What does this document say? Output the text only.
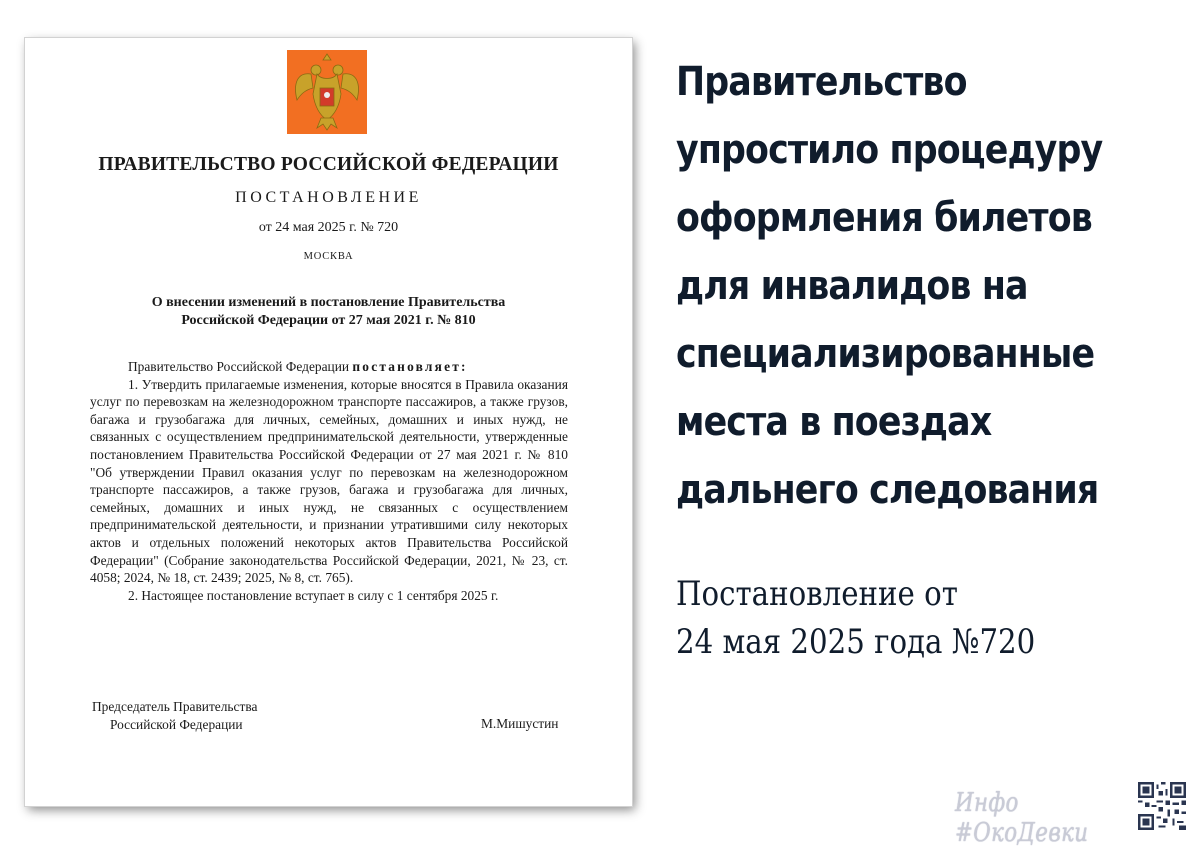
ПРАВИТЕЛЬСТВО РОССИЙСКОЙ ФЕДЕРАЦИИ
ПОСТАНОВЛЕНИЕ
от 24 мая 2025 г. № 720
МОСКВА
О внесении изменений в постановление Правительства
Российской Федерации от 27 мая 2021 г. № 810

Правительство Российской Федерации постановляет:

1. Утвердить прилагаемые изменения, которые вносятся в Правила оказания услуг по перевозкам на железнодорожном транспорте пассажиров, а также грузов, багажа и грузобагажа для личных, семейных, домашних и иных нужд, не связанных с осуществлением предпринимательской деятельности, утвержденные постановлением Правительства Российской Федерации от 27 мая 2021 г. № 810 "Об утверждении Правил оказания услуг по перевозкам на железнодорожном транспорте пассажиров, а также грузов, багажа и грузобагажа для личных, семейных, домашних и иных нужд, не связанных с осуществлением предпринимательской деятельности, и признании утратившими силу некоторых актов и отдельных положений некоторых актов Правительства Российской Федерации" (Собрание законодательства Российской Федерации, 2021, № 23, ст. 4058; 2024, № 18, ст. 2439; 2025, № 8, ст. 765).

2. Настоящее постановление вступает в силу с 1 сентября 2025 г.

Председатель Правительства
Российской Федерации	М.Мишустин
Правительство
упростило процедуру
оформления билетов
для инвалидов на
специализированные
места в поездах
дальнего следования
Постановление от
24 мая 2025 года №720
Инфо #ОкоДевки
